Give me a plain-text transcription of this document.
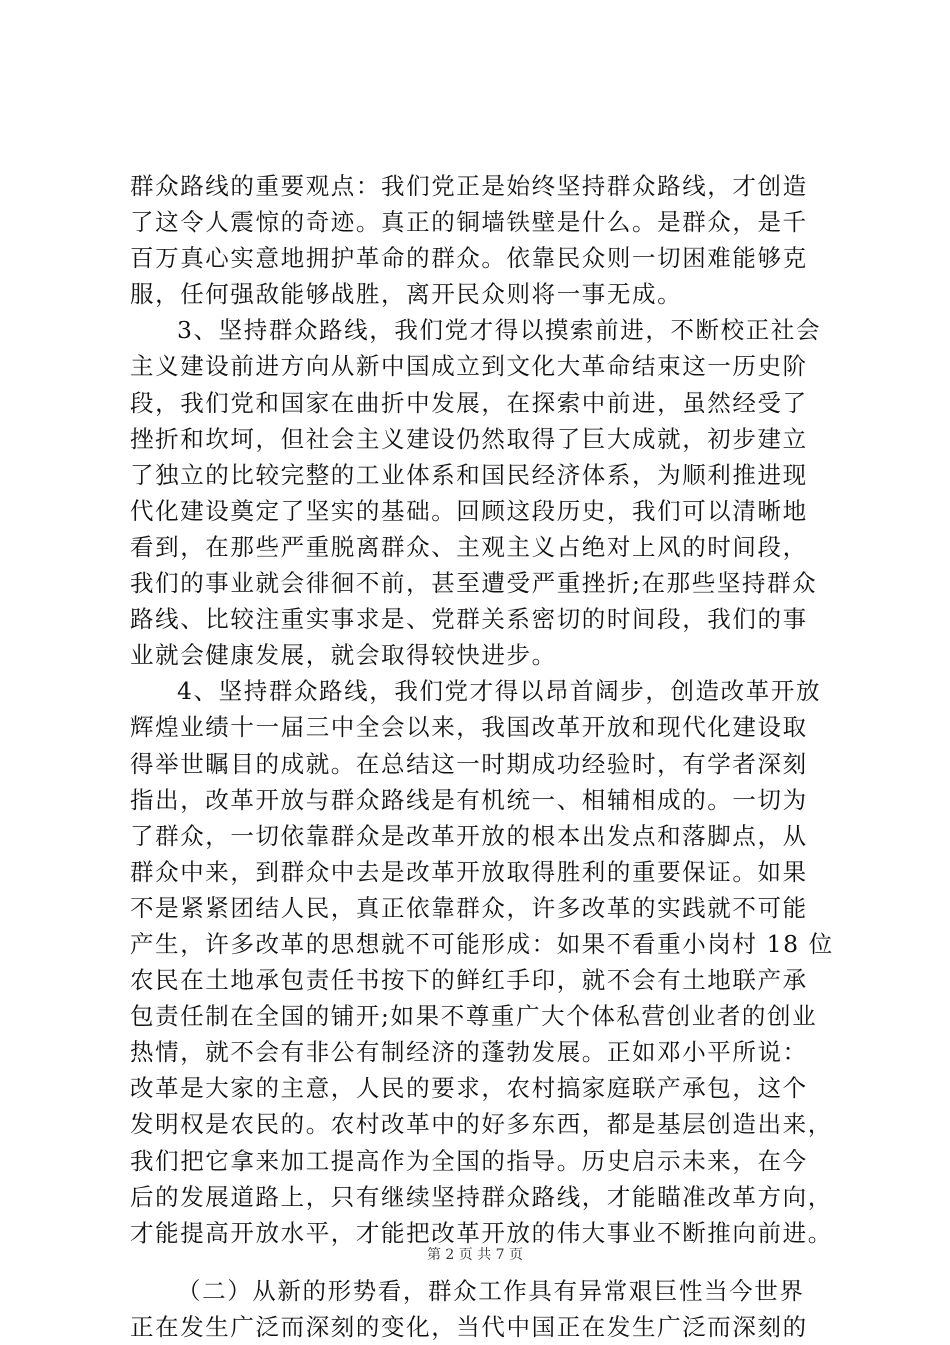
群众路线的重要观点：我们党正是始终坚持群众路线，才创造
了这令人震惊的奇迹。真正的铜墙铁壁是什么。是群众，是千
百万真心实意地拥护革命的群众。依靠民众则一切困难能够克
服，任何强敌能够战胜，离开民众则将一事无成。
3、坚持群众路线，我们党才得以摸索前进，不断校正社会
主义建设前进方向从新中国成立到文化大革命结束这一历史阶
段，我们党和国家在曲折中发展，在探索中前进，虽然经受了
挫折和坎坷，但社会主义建设仍然取得了巨大成就，初步建立
了独立的比较完整的工业体系和国民经济体系，为顺利推进现
代化建设奠定了坚实的基础。回顾这段历史，我们可以清晰地
看到，在那些严重脱离群众、主观主义占绝对上风的时间段，
我们的事业就会徘徊不前，甚至遭受严重挫折;在那些坚持群众
路线、比较注重实事求是、党群关系密切的时间段，我们的事
业就会健康发展，就会取得较快进步。
4、坚持群众路线，我们党才得以昂首阔步，创造改革开放
辉煌业绩十一届三中全会以来，我国改革开放和现代化建设取
得举世瞩目的成就。在总结这一时期成功经验时，有学者深刻
指出，改革开放与群众路线是有机统一、相辅相成的。一切为
了群众，一切依靠群众是改革开放的根本出发点和落脚点，从
群众中来，到群众中去是改革开放取得胜利的重要保证。如果
不是紧紧团结人民，真正依靠群众，许多改革的实践就不可能
产生，许多改革的思想就不可能形成：如果不看重小岗村 18 位
农民在土地承包责任书按下的鲜红手印，就不会有土地联产承
包责任制在全国的铺开;如果不尊重广大个体私营创业者的创业
热情，就不会有非公有制经济的蓬勃发展。正如邓小平所说：
改革是大家的主意，人民的要求，农村搞家庭联产承包，这个
发明权是农民的。农村改革中的好多东西，都是基层创造出来，
我们把它拿来加工提高作为全国的指导。历史启示未来，在今
后的发展道路上，只有继续坚持群众路线，才能瞄准改革方向，
才能提高开放水平，才能把改革开放的伟大事业不断推向前进。
（二）从新的形势看，群众工作具有异常艰巨性当今世界
正在发生广泛而深刻的变化，当代中国正在发生广泛而深刻的
第 2 页 共 7 页
